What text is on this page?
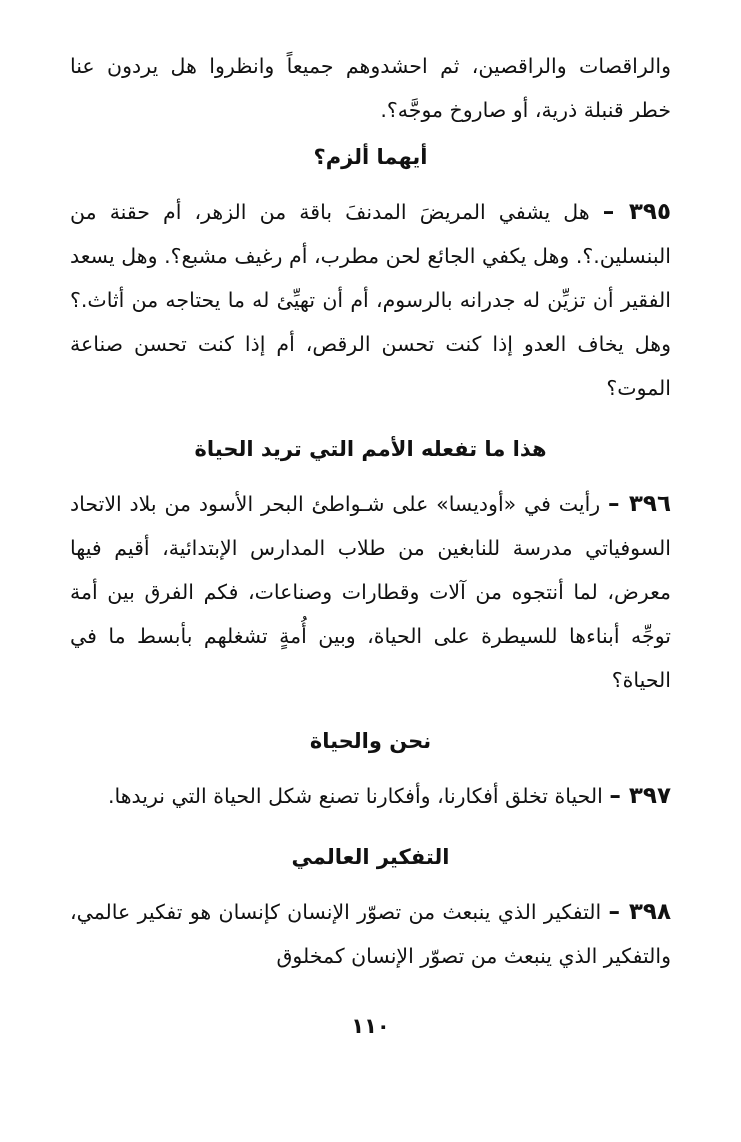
والراقصات والراقصين، ثم احشدوهم جميعاً وانظروا هل يردون عنا خطر قنبلة ذرية، أو صاروخ موجَّه؟.

أيهما ألزم؟

٣٩٥ – هل يشفي المريضَ المدنفَ باقة من الزهر، أم حقنة من البنسلين.؟. وهل يكفي الجائع لحن مطرب، أم رغيف مشبع؟. وهل يسعد الفقير أن تزيِّن له جدرانه بالرسوم، أم أن تهيِّئ له ما يحتاجه من أثاث.؟ وهل يخاف العدو إذا كنت تحسن الرقص، أم إذا كنت تحسن صناعة الموت؟

هذا ما تفعله الأمم التي تريد الحياة

٣٩٦ – رأيت في «أوديسا» على شـواطئ البحر الأسود من بلاد الاتحاد السوفياتي مدرسة للنابغين من طلاب المدارس الإبتدائية، أقيم فيها معرض، لما أنتجوه من آلات وقطارات وصناعات، فكم الفرق بين أمة توجِّه أبناءها للسيطرة على الحياة، وبين أُمةٍ تشغلهم بأبسط ما في الحياة؟

نحن والحياة

٣٩٧ – الحياة تخلق أفكارنا، وأفكارنا تصنع شكل الحياة التي نريدها.

التفكير العالمي

٣٩٨ – التفكير الذي ينبعث من تصوّر الإنسان كإنسان هو تفكير عالمي، والتفكير الذي ينبعث من تصوّر الإنسان كمخلوق

١١٠
